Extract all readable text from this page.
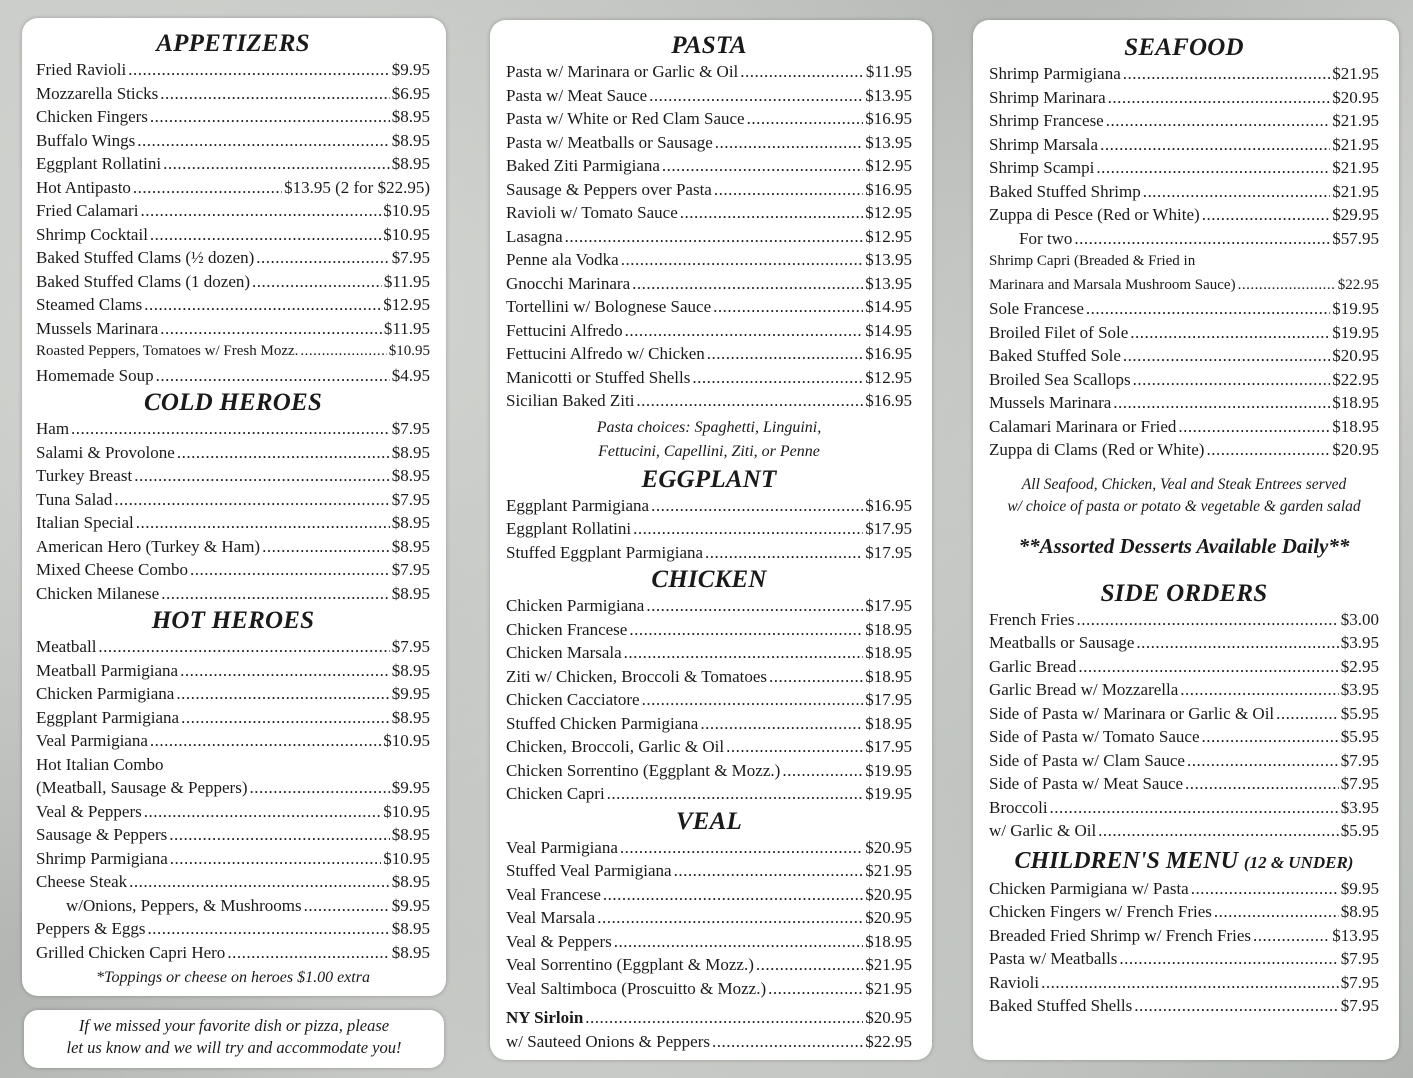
APPETIZERS
Fried Ravioli .....	$9.95
Mozzarella Sticks .....	$6.95
Chicken Fingers .....	$8.95
Buffalo Wings .....	$8.95
Eggplant Rollatini .....	$8.95
Hot Antipasto .....	$13.95 (2 for $22.95)
Fried Calamari .....	$10.95
Shrimp Cocktail .....	$10.95
Baked Stuffed Clams (½ dozen) .....	$7.95
Baked Stuffed Clams (1 dozen) .....	$11.95
Steamed Clams .....	$12.95
Mussels Marinara .....	$11.95
Roasted Peppers, Tomatoes w/ Fresh Mozz. .....	$10.95
Homemade Soup .....	$4.95
COLD HEROES
Ham .....	$7.95
Salami & Provolone .....	$8.95
Turkey Breast .....	$8.95
Tuna Salad .....	$7.95
Italian Special .....	$8.95
American Hero (Turkey & Ham) .....	$8.95
Mixed Cheese Combo .....	$7.95
Chicken Milanese .....	$8.95
HOT HEROES
Meatball .....	$7.95
Meatball Parmigiana .....	$8.95
Chicken Parmigiana .....	$9.95
Eggplant Parmigiana .....	$8.95
Veal Parmigiana .....	$10.95
Hot Italian Combo
(Meatball, Sausage & Peppers) .....	$9.95
Veal & Peppers .....	$10.95
Sausage & Peppers .....	$8.95
Shrimp Parmigiana .....	$10.95
Cheese Steak .....	$8.95
w/Onions, Peppers, & Mushrooms .....	$9.95
Peppers & Eggs .....	$8.95
Grilled Chicken Capri Hero .....	$8.95
*Toppings or cheese on heroes $1.00 extra
If we missed your favorite dish or pizza, please
let us know and we will try and accommodate you!
PASTA
Pasta w/ Marinara or Garlic & Oil .....	$11.95
Pasta w/ Meat Sauce .....	$13.95
Pasta w/ White or Red Clam Sauce .....	$16.95
Pasta w/ Meatballs or Sausage .....	$13.95
Baked Ziti Parmigiana .....	$12.95
Sausage & Peppers over Pasta .....	$16.95
Ravioli w/ Tomato Sauce .....	$12.95
Lasagna .....	$12.95
Penne ala Vodka .....	$13.95
Gnocchi Marinara .....	$13.95
Tortellini w/ Bolognese Sauce .....	$14.95
Fettucini Alfredo .....	$14.95
Fettucini Alfredo w/ Chicken .....	$16.95
Manicotti or Stuffed Shells .....	$12.95
Sicilian Baked Ziti .....	$16.95
Pasta choices: Spaghetti, Linguini,
Fettucini, Capellini, Ziti, or Penne
EGGPLANT
Eggplant Parmigiana .....	$16.95
Eggplant Rollatini .....	$17.95
Stuffed Eggplant Parmigiana .....	$17.95
CHICKEN
Chicken Parmigiana .....	$17.95
Chicken Francese .....	$18.95
Chicken Marsala .....	$18.95
Ziti w/ Chicken, Broccoli & Tomatoes .....	$18.95
Chicken Cacciatore .....	$17.95
Stuffed Chicken Parmigiana .....	$18.95
Chicken, Broccoli, Garlic & Oil .....	$17.95
Chicken Sorrentino (Eggplant & Mozz.) .....	$19.95
Chicken Capri .....	$19.95
VEAL
Veal Parmigiana .....	$20.95
Stuffed Veal Parmigiana .....	$21.95
Veal Francese .....	$20.95
Veal Marsala .....	$20.95
Veal & Peppers .....	$18.95
Veal Sorrentino (Eggplant & Mozz.) .....	$21.95
Veal Saltimboca (Proscuitto & Mozz.) .....	$21.95
NY Sirloin .....	$20.95
w/ Sauteed Onions & Peppers .....	$22.95
SEAFOOD
Shrimp Parmigiana .....	$21.95
Shrimp Marinara .....	$20.95
Shrimp Francese .....	$21.95
Shrimp Marsala .....	$21.95
Shrimp Scampi .....	$21.95
Baked Stuffed Shrimp .....	$21.95
Zuppa di Pesce (Red or White) .....	$29.95
For two .....	$57.95
Shrimp Capri (Breaded & Fried in
Marinara and Marsala Mushroom Sauce) .....	$22.95
Sole Francese .....	$19.95
Broiled Filet of Sole .....	$19.95
Baked Stuffed Sole .....	$20.95
Broiled Sea Scallops .....	$22.95
Mussels Marinara .....	$18.95
Calamari Marinara or Fried .....	$18.95
Zuppa di Clams (Red or White) .....	$20.95
All Seafood, Chicken, Veal and Steak Entrees served
w/ choice of pasta or potato & vegetable & garden salad
**Assorted Desserts Available Daily**
SIDE ORDERS
French Fries .....	$3.00
Meatballs or Sausage .....	$3.95
Garlic Bread .....	$2.95
Garlic Bread w/ Mozzarella .....	$3.95
Side of Pasta w/ Marinara or Garlic & Oil .....	$5.95
Side of Pasta w/ Tomato Sauce .....	$5.95
Side of Pasta w/ Clam Sauce .....	$7.95
Side of Pasta w/ Meat Sauce .....	$7.95
Broccoli .....	$3.95
w/ Garlic & Oil .....	$5.95
CHILDREN'S MENU (12 & UNDER)
Chicken Parmigiana w/ Pasta .....	$9.95
Chicken Fingers w/ French Fries .....	$8.95
Breaded Fried Shrimp w/ French Fries .....	$13.95
Pasta w/ Meatballs .....	$7.95
Ravioli .....	$7.95
Baked Stuffed Shells .....	$7.95
